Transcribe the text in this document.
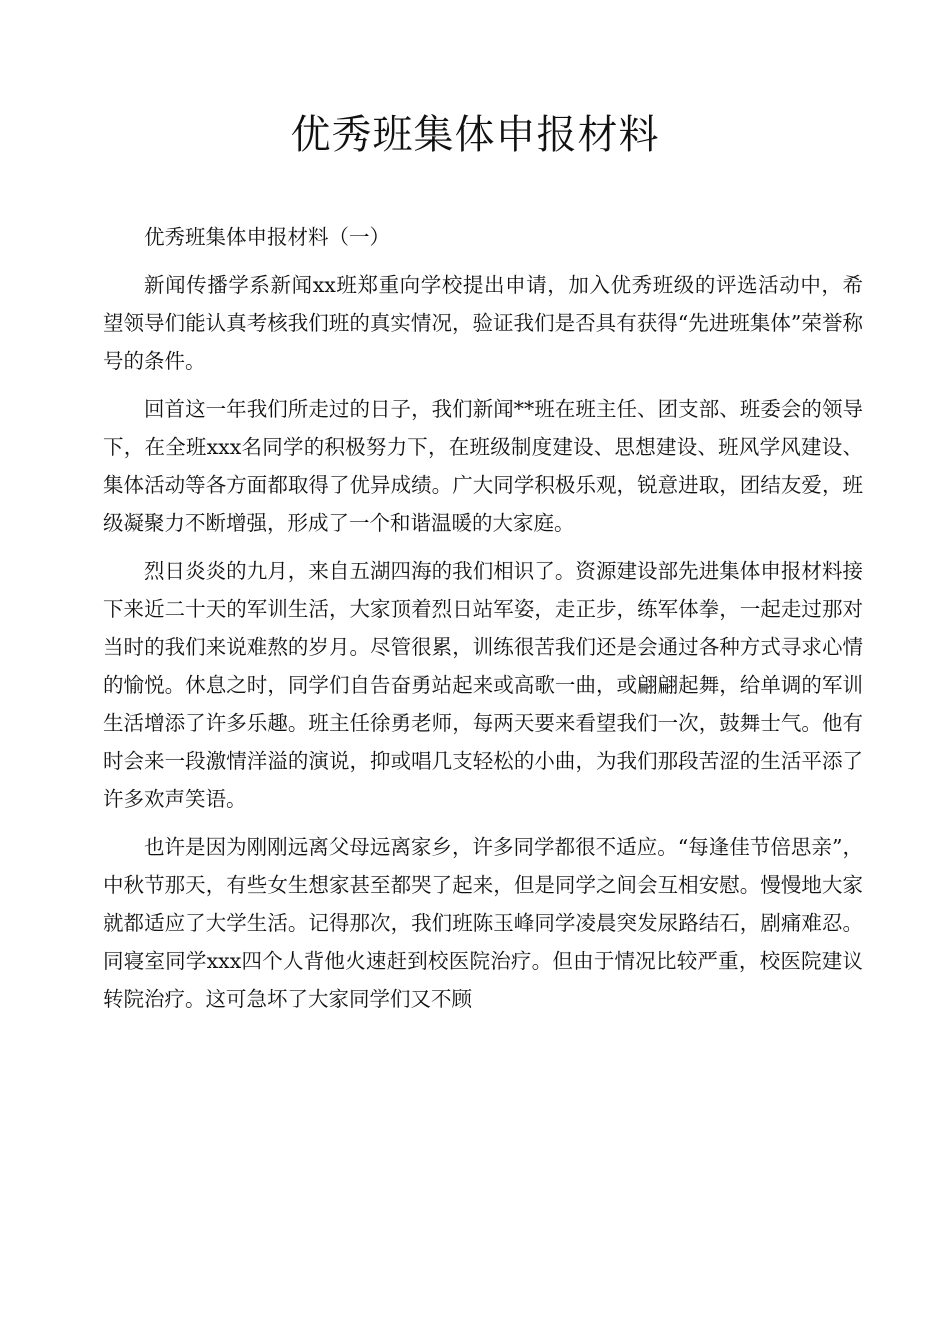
优秀班集体申报材料

优秀班集体申报材料（一）

新闻传播学系新闻xx班郑重向学校提出申请，加入优秀班级的评选活动中，希望领导们能认真考核我们班的真实情况，验证我们是否具有获得“先进班集体”荣誉称号的条件。

回首这一年我们所走过的日子，我们新闻**班在班主任、团支部、班委会的领导下，在全班xxx名同学的积极努力下，在班级制度建设、思想建设、班风学风建设、集体活动等各方面都取得了优异成绩。广大同学积极乐观，锐意进取，团结友爱，班级凝聚力不断增强，形成了一个和谐温暖的大家庭。

烈日炎炎的九月，来自五湖四海的我们相识了。资源建设部先进集体申报材料接下来近二十天的军训生活，大家顶着烈日站军姿，走正步，练军体拳，一起走过那对当时的我们来说难熬的岁月。尽管很累，训练很苦我们还是会通过各种方式寻求心情的愉悦。休息之时，同学们自告奋勇站起来或高歌一曲，或翩翩起舞，给单调的军训生活增添了许多乐趣。班主任徐勇老师，每两天要来看望我们一次，鼓舞士气。他有时会来一段激情洋溢的演说，抑或唱几支轻松的小曲，为我们那段苦涩的生活平添了许多欢声笑语。

也许是因为刚刚远离父母远离家乡，许多同学都很不适应。“每逢佳节倍思亲”，中秋节那天，有些女生想家甚至都哭了起来，但是同学之间会互相安慰。慢慢地大家就都适应了大学生活。记得那次，我们班陈玉峰同学凌晨突发尿路结石，剧痛难忍。同寝室同学xxx四个人背他火速赶到校医院治疗。但由于情况比较严重，校医院建议转院治疗。这可急坏了大家同学们又不顾
